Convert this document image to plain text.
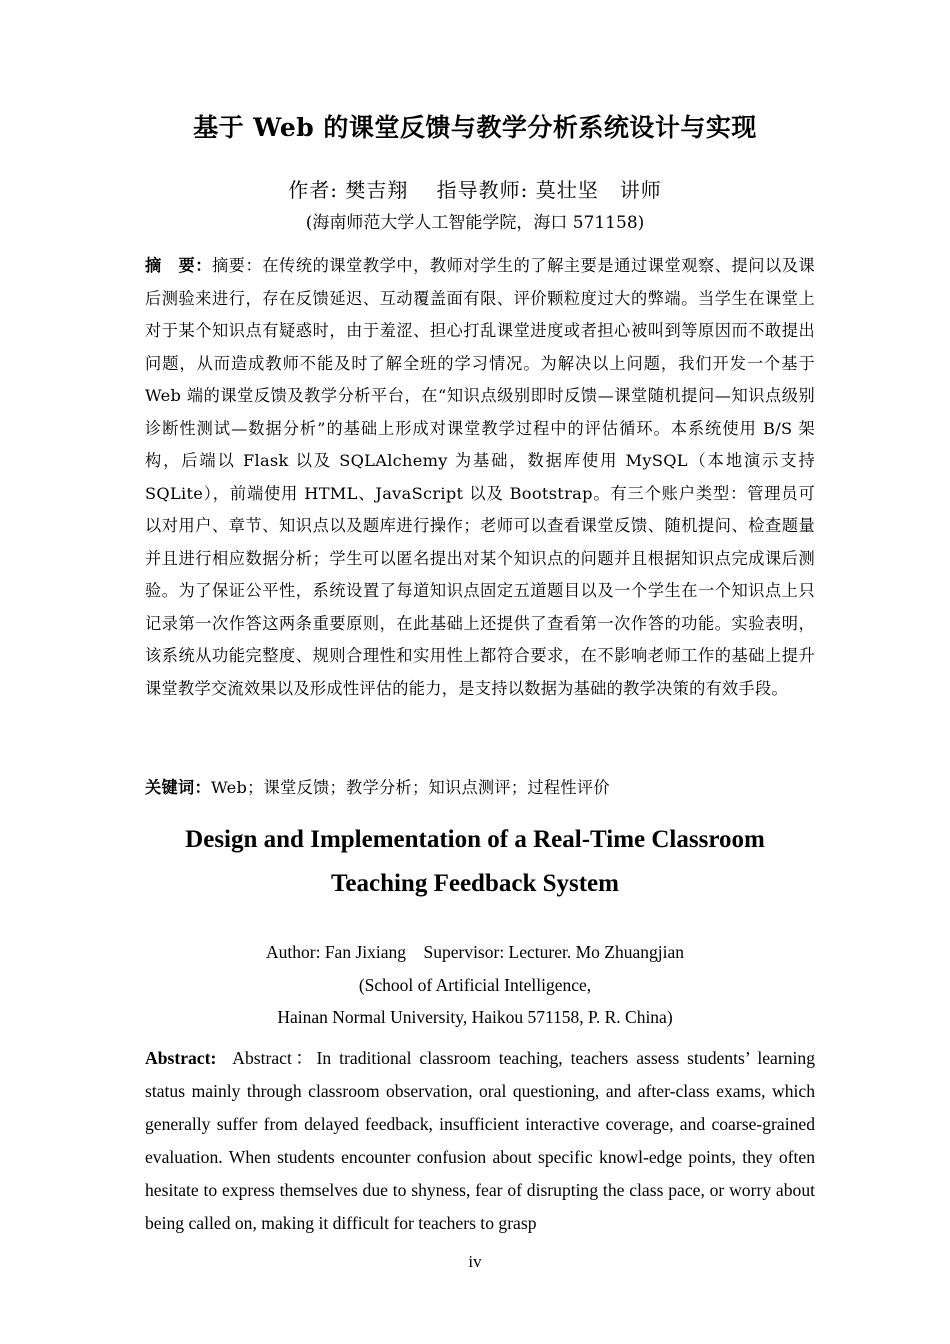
基于 Web 的课堂反馈与教学分析系统设计与实现
作者: 樊吉翔　 指导教师: 莫壮坚　讲师
(海南师范大学人工智能学院，海口 571158)
摘　要：摘要：在传统的课堂教学中，教师对学生的了解主要是通过课堂观察、提问以及课后测验来进行，存在反馈延迟、互动覆盖面有限、评价颗粒度过大的弊端。当学生在课堂上对于某个知识点有疑惑时，由于羞涩、担心打乱课堂进度或者担心被叫到等原因而不敢提出问题，从而造成教师不能及时了解全班的学习情况。为解决以上问题，我们开发一个基于 Web 端的课堂反馈及教学分析平台，在“知识点级别即时反馈—课堂随机提问—知识点级别诊断性测试—数据分析”的基础上形成对课堂教学过程中的评估循环。本系统使用 B/S 架构，后端以 Flask 以及 SQLAlchemy 为基础，数据库使用 MySQL（本地演示支持 SQLite），前端使用 HTML、JavaScript 以及 Bootstrap。有三个账户类型：管理员可以对用户、章节、知识点以及题库进行操作；老师可以查看课堂反馈、随机提问、检查题量并且进行相应数据分析；学生可以匿名提出对某个知识点的问题并且根据知识点完成课后测验。为了保证公平性，系统设置了每道知识点固定五道题目以及一个学生在一个知识点上只记录第一次作答这两条重要原则，在此基础上还提供了查看第一次作答的功能。实验表明，该系统从功能完整度、规则合理性和实用性上都符合要求，在不影响老师工作的基础上提升课堂教学交流效果以及形成性评估的能力，是支持以数据为基础的教学决策的有效手段。
关键词：Web；课堂反馈；教学分析；知识点测评；过程性评价
Design and Implementation of a Real-Time Classroom
Teaching Feedback System
Author: Fan Jixiang　Supervisor: Lecturer. Mo Zhuangjian
(School of Artificial Intelligence,
Hainan Normal University, Haikou 571158, P. R. China)
Abstract: Abstract：In traditional classroom teaching, teachers assess students’ learning status mainly through classroom observation, oral questioning, and after-class exams, which generally suffer from delayed feedback, insufficient interactive coverage, and coarse-grained evaluation. When students encounter confusion about specific knowl-edge points, they often hesitate to express themselves due to shyness, fear of disrupting the class pace, or worry about being called on, making it difficult for teachers to grasp
iv
